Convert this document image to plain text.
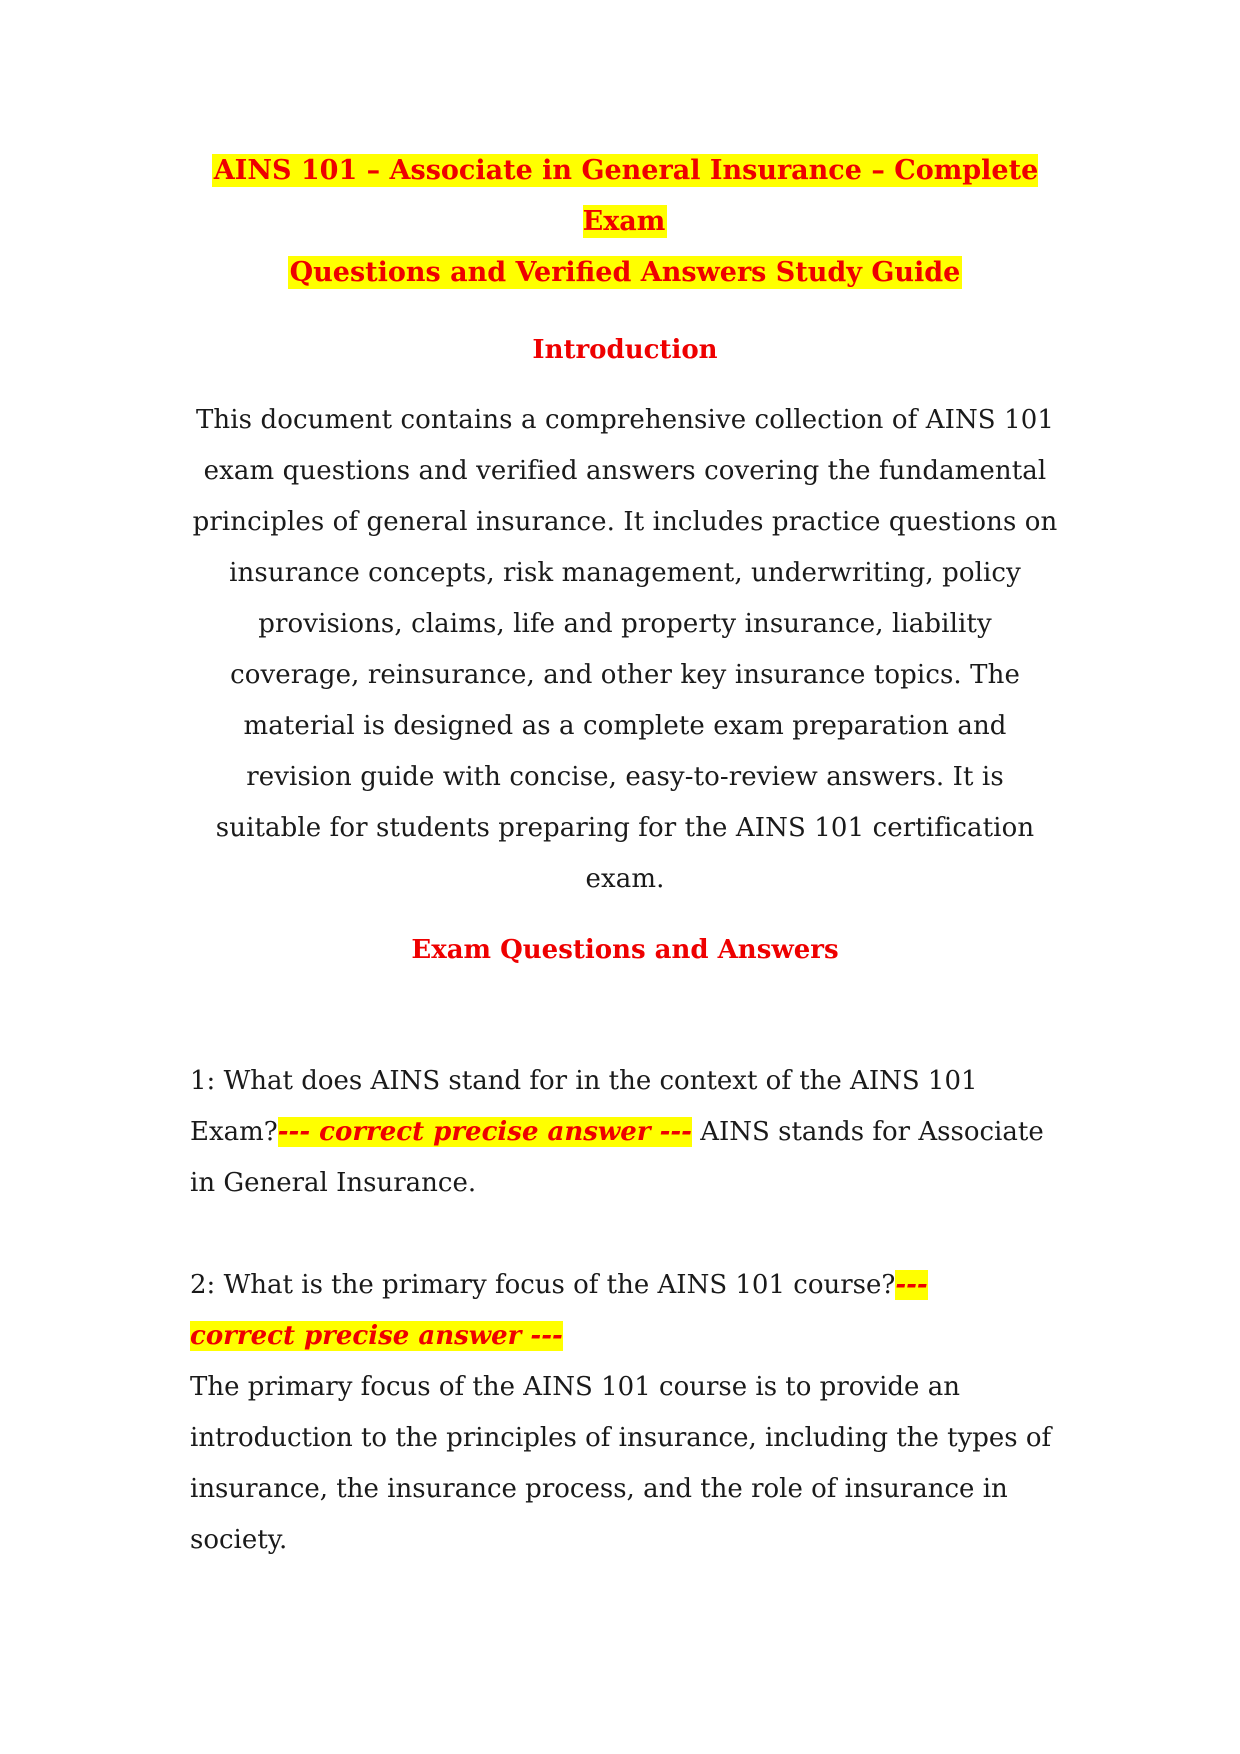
AINS 101 – Associate in General Insurance – Complete Exam
Questions and Verified Answers Study Guide

Introduction

This document contains a comprehensive collection of AINS 101 exam questions and verified answers covering the fundamental principles of general insurance. It includes practice questions on insurance concepts, risk management, underwriting, policy provisions, claims, life and property insurance, liability coverage, reinsurance, and other key insurance topics. The material is designed as a complete exam preparation and revision guide with concise, easy-to-review answers. It is suitable for students preparing for the AINS 101 certification exam.

Exam Questions and Answers

1: What does AINS stand for in the context of the AINS 101 Exam?--- correct precise answer --- AINS stands for Associate in General Insurance.

2: What is the primary focus of the AINS 101 course?---
correct precise answer ---
The primary focus of the AINS 101 course is to provide an introduction to the principles of insurance, including the types of insurance, the insurance process, and the role of insurance in society.
